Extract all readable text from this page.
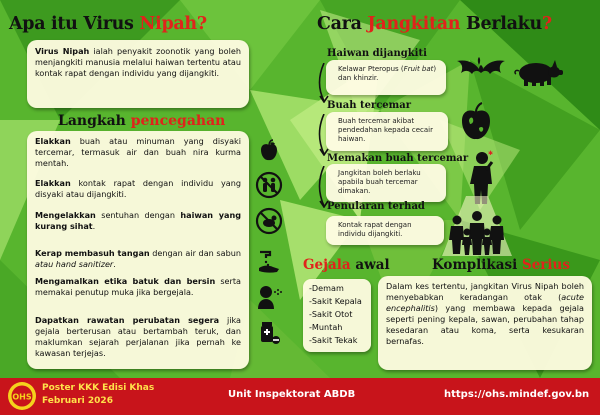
Apa itu Virus Nipah?
Virus Nipah ialah penyakit zoonotik yang boleh menjangkiti manusia melalui haiwan tertentu atau kontak rapat dengan individu yang dijangkiti.
Langkah pencegahan
Elakkan buah atau minuman yang disyaki tercemar, termasuk air dan buah nira kurma mentah.
Elakkan kontak rapat dengan individu yang disyaki atau dijangkiti.
Mengelakkan sentuhan dengan haiwan yang kurang sihat.
Kerap membasuh tangan dengan air dan sabun atau hand sanitizer.
Mengamalkan etika batuk dan bersin serta memakai penutup muka jika bergejala.
Dapatkan rawatan perubatan segera jika gejala berterusan atau bertambah teruk, dan maklumkan sejarah perjalanan jika pernah ke kawasan terjejas.
Cara Jangkitan Berlaku?
Haiwan dijangkiti
Kelawar Pteropus (Fruit bat) dan khinzir.
Buah tercemar
Buah tercemar akibat pendedahan kepada cecair haiwan.
Memakan buah tercemar
Jangkitan boleh berlaku apabila buah tercemar dimakan.
✱
Penularan terhad
Kontak rapat dengan individu dijangkiti.
Gejala awal
-Demam
-Sakit Kepala
-Sakit Otot
-Muntah
-Sakit Tekak
Komplikasi Serius
Dalam kes tertentu, jangkitan Virus Nipah boleh menyebabkan keradangan otak (acute encephalitis) yang membawa kepada gejala seperti pening kepala, sawan, perubahan tahap kesedaran atau koma, serta kesukaran bernafas.
OHS
Poster KKK Edisi Khas
Februari 2026
Unit Inspektorat ABDB	https://ohs.mindef.gov.bn
